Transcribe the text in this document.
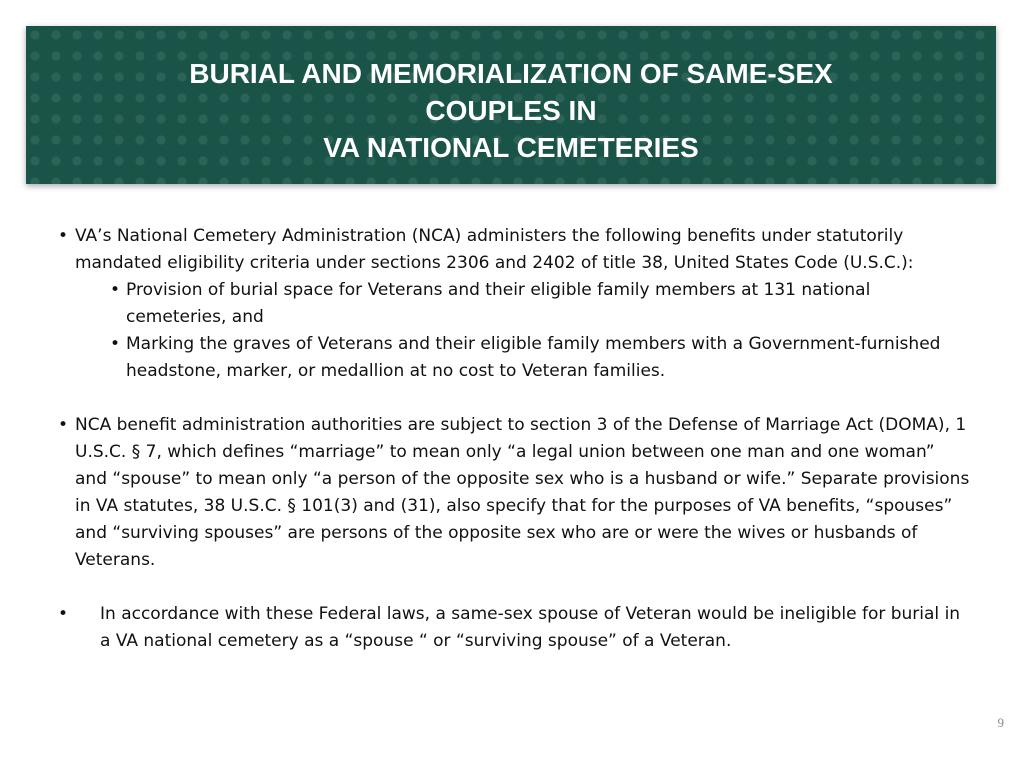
BURIAL AND MEMORIALIZATION OF SAME-SEX
COUPLES IN
VA NATIONAL CEMETERIES
• VA’s National Cemetery Administration (NCA) administers the following benefits under statutorily mandated eligibility criteria under sections 2306 and 2402 of title 38, United States Code (U.S.C.):
• Provision of burial space for Veterans and their eligible family members at 131 national cemeteries, and
• Marking the graves of Veterans and their eligible family members with a Government-furnished headstone, marker, or medallion at no cost to Veteran families.
• NCA benefit administration authorities are subject to section 3 of the Defense of Marriage Act (DOMA), 1 U.S.C. § 7, which defines “marriage” to mean only “a legal union between one man and one woman” and “spouse” to mean only “a person of the opposite sex who is a husband or wife.” Separate provisions in VA statutes, 38 U.S.C. § 101(3) and (31), also specify that for the purposes of VA benefits, “spouses” and “surviving spouses” are persons of the opposite sex who are or were the wives or husbands of Veterans.
• In accordance with these Federal laws, a same-sex spouse of Veteran would be ineligible for burial in a VA national cemetery as a “spouse “ or “surviving spouse” of a Veteran.
9
